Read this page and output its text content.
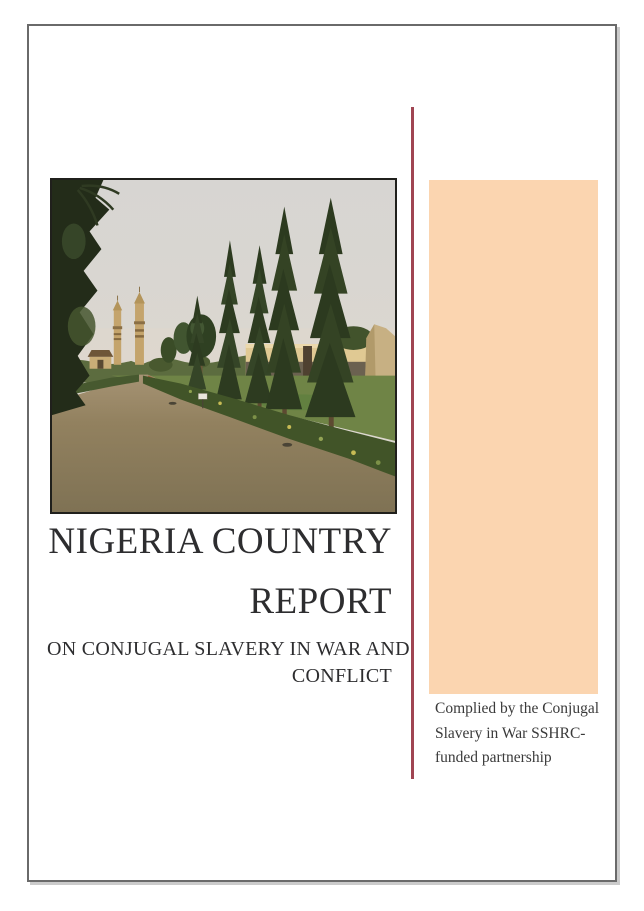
NIGERIA COUNTRY
REPORT
ON CONJUGAL SLAVERY IN WAR AND
CONFLICT
Complied by the Conjugal
Slavery in War SSHRC-
funded partnership
